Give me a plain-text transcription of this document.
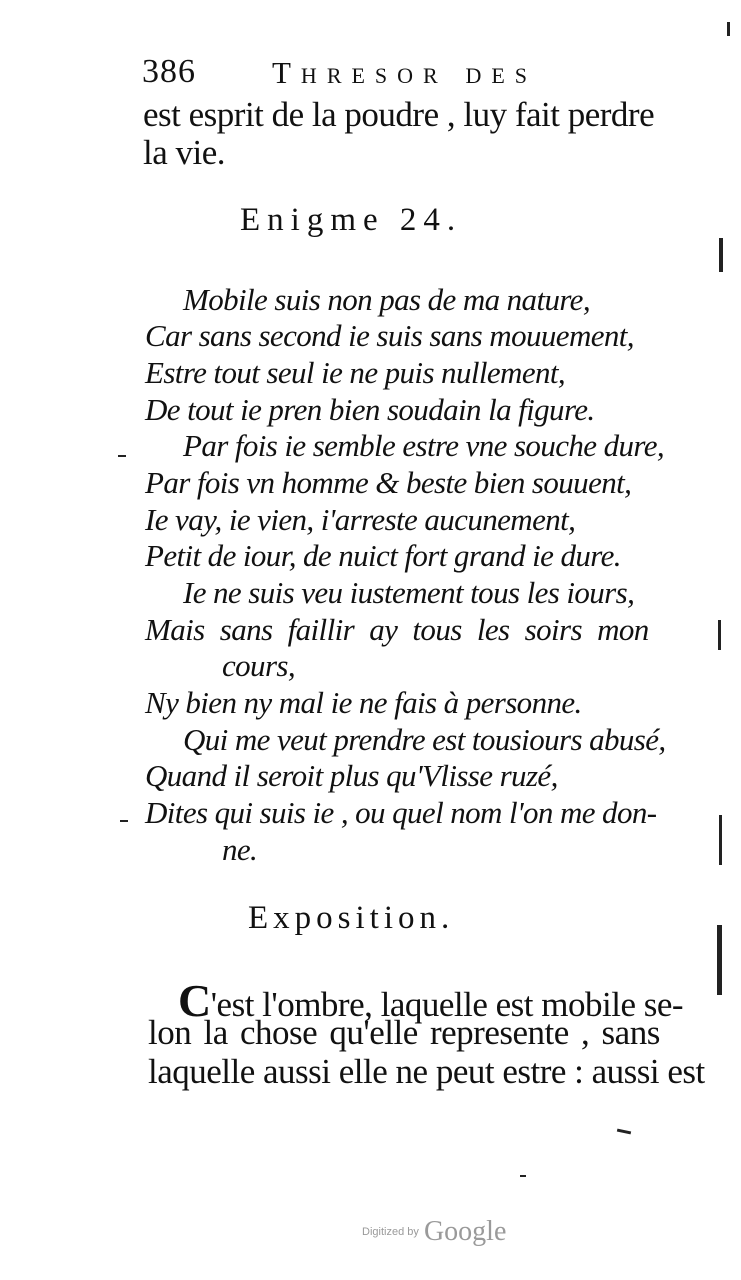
386 Thresor des
est esprit de la poudre , luy fait perdre
la vie.
Enigme 24.
Mobile suis non pas de ma nature,
Car sans second ie suis sans mouuement,
Estre tout seul ie ne puis nullement,
De tout ie pren bien soudain la figure.
Par fois ie semble estre vne souche dure,
Par fois vn homme & beste bien souuent,
Ie vay, ie vien, i'arreste aucunement,
Petit de iour, de nuict fort grand ie dure.
Ie ne suis veu iustement tous les iours,
Mais sans faillir ay tous les soirs mon
cours,
Ny bien ny mal ie ne fais à personne.
Qui me veut prendre est tousiours abusé,
Quand il seroit plus qu'Vlisse ruzé,
Dites qui suis ie , ou quel nom l'on me don-
ne.
Exposition.
C'est l'ombre, laquelle est mobile se-
lon la chose qu'elle represente , sans
laquelle aussi elle ne peut estre : aussi est
Digitized by Google
